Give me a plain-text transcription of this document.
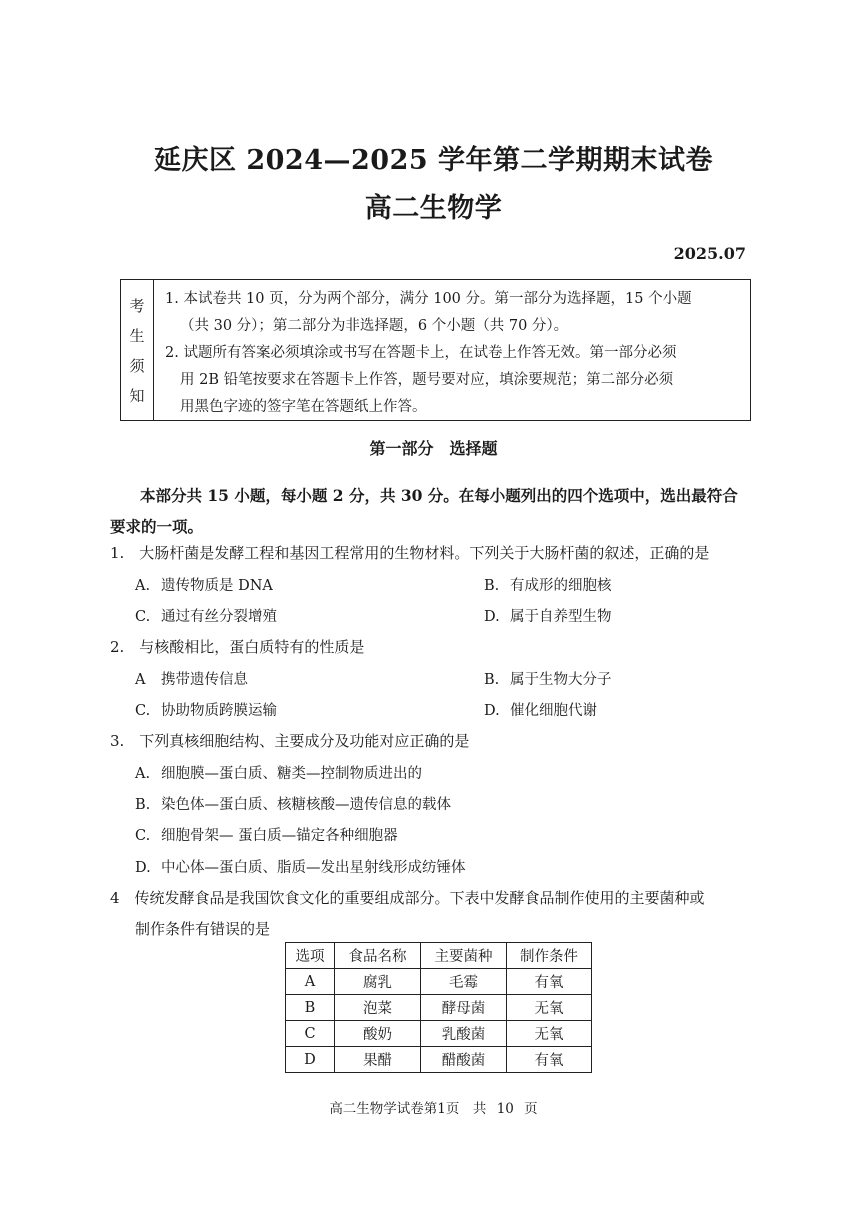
延庆区 2024—2025 学年第二学期期末试卷
高二生物学
2025.07
考
生
须
知
1. 本试卷共 10 页，分为两个部分，满分 100 分。第一部分为选择题，15 个小题
（共 30 分）；第二部分为非选择题，6 个小题（共 70 分）。
2. 试题所有答案必须填涂或书写在答题卡上，在试卷上作答无效。第一部分必须
用 2B 铅笔按要求在答题卡上作答，题号要对应，填涂要规范；第二部分必须
用黑色字迹的签字笔在答题纸上作答。
第一部分　选择题
本部分共 15 小题，每小题 2 分，共 30 分。在每小题列出的四个选项中，选出最符合
要求的一项。
1.　大肠杆菌是发酵工程和基因工程常用的生物材料。下列关于大肠杆菌的叙述，正确的是
A. 遗传物质是 DNA	B. 有成形的细胞核
C. 通过有丝分裂增殖	D. 属于自养型生物
2.　与核酸相比，蛋白质特有的性质是
A 携带遗传信息	B. 属于生物大分子
C. 协助物质跨膜运输	D. 催化细胞代谢
3.　下列真核细胞结构、主要成分及功能对应正确的是
A. 细胞膜—蛋白质、糖类—控制物质进出的
B. 染色体—蛋白质、核糖核酸—遗传信息的载体
C. 细胞骨架— 蛋白质—锚定各种细胞器
D. 中心体—蛋白质、脂质—发出星射线形成纺锤体
4　传统发酵食品是我国饮食文化的重要组成部分。下表中发酵食品制作使用的主要菌种或
制作条件有错误的是
选项	食品名称	主要菌种	制作条件
A	腐乳	毛霉	有氧
B	泡菜	酵母菌	无氧
C	酸奶	乳酸菌	无氧
D	果醋	醋酸菌	有氧
高二生物学试卷第1页　共 10 页
